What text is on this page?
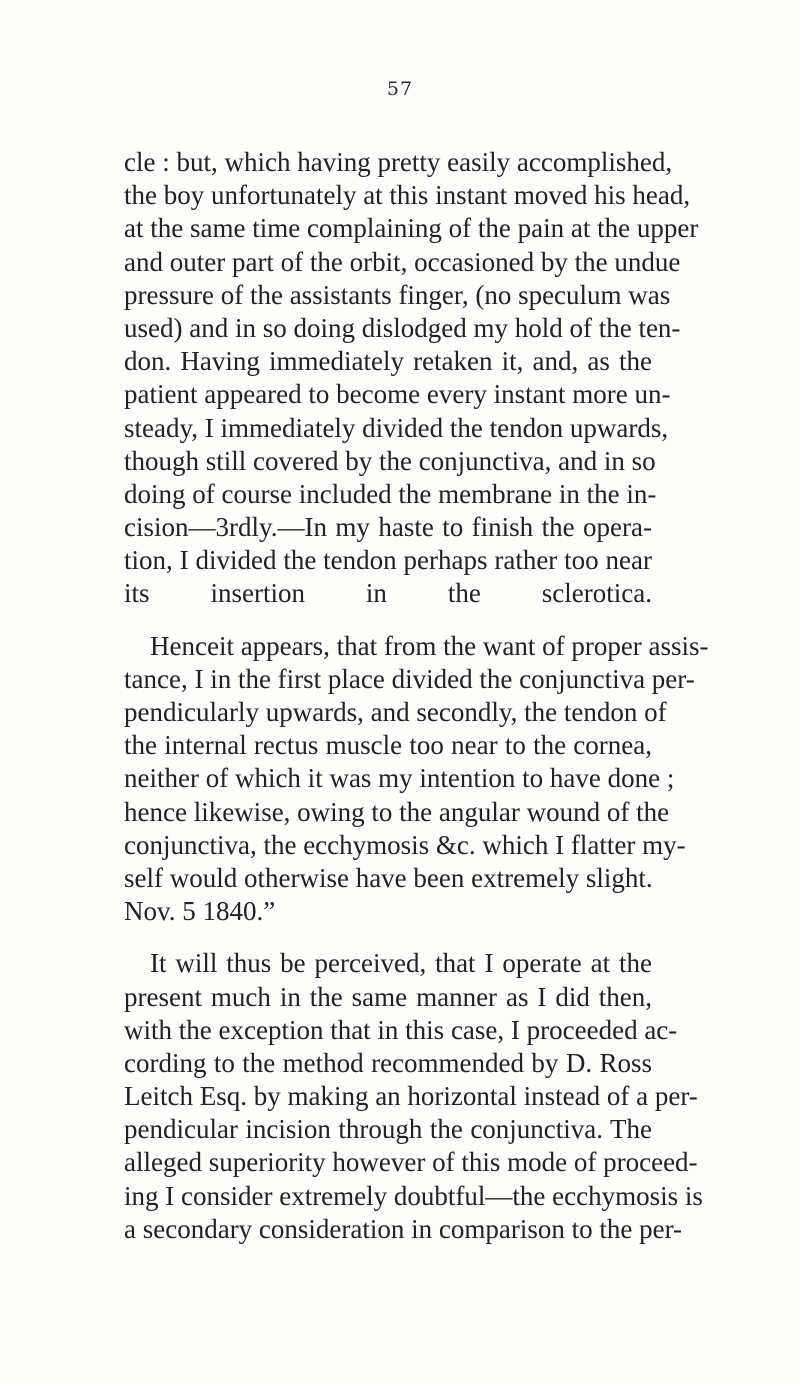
57
cle : but, which having pretty easily accomplished,
the boy unfortunately at this instant moved his head,
at the same time complaining of the pain at the upper
and outer part of the orbit, occasioned by the undue
pressure of the assistants finger, (no speculum was
used) and in so doing dislodged my hold of the ten-
don. Having immediately retaken it, and, as the
patient appeared to become every instant more un-
steady, I immediately divided the tendon upwards,
though still covered by the conjunctiva, and in so
doing of course included the membrane in the in-
cision—3rdly.—In my haste to finish the opera-
tion, I divided the tendon perhaps rather too near
its insertion in the sclerotica.
Henceit appears, that from the want of proper assis-
tance, I in the first place divided the conjunctiva per-
pendicularly upwards, and secondly, the tendon of
the internal rectus muscle too near to the cornea,
neither of which it was my intention to have done ;
hence likewise, owing to the angular wound of the
conjunctiva, the ecchymosis &c. which I flatter my-
self would otherwise have been extremely slight.
Nov. 5 1840.”
It will thus be perceived, that I operate at the
present much in the same manner as I did then,
with the exception that in this case, I proceeded ac-
cording to the method recommended by D. Ross
Leitch Esq. by making an horizontal instead of a per-
pendicular incision through the conjunctiva. The
alleged superiority however of this mode of proceed-
ing I consider extremely doubtful—the ecchymosis is
a secondary consideration in comparison to the per-
